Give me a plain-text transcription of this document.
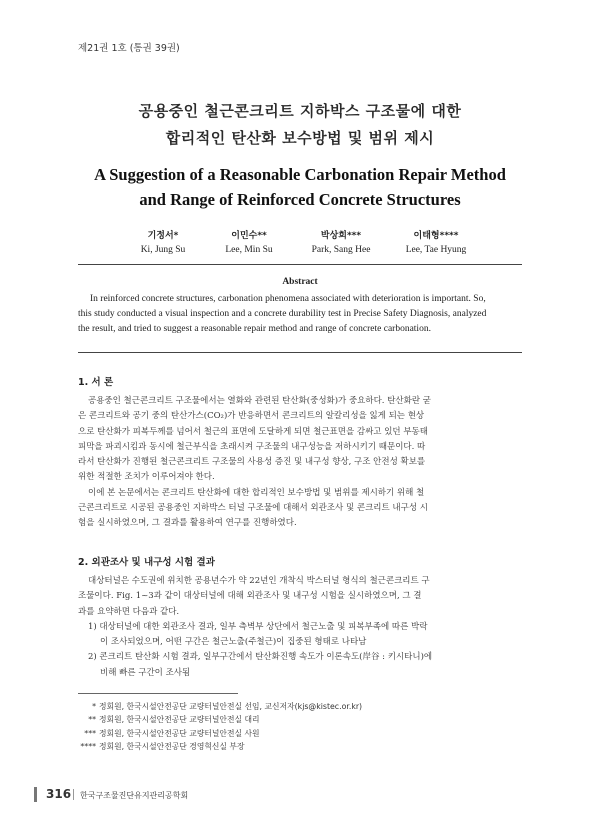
제21권 1호 (통권 39권)
공용중인 철근콘크리트 지하박스 구조물에 대한
합리적인 탄산화 보수방법 및 범위 제시
A Suggestion of a Reasonable Carbonation Repair Method
and Range of Reinforced Concrete Structures
기정서*
Ki, Jung Su
이민수**
Lee, Min Su
박상희***
Park, Sang Hee
이태형****
Lee, Tae Hyung
Abstract
In reinforced concrete structures, carbonation phenomena associated with deterioration is important. So,
this study conducted a visual inspection and a concrete durability test in Precise Safety Diagnosis, analyzed
the result, and tried to suggest a reasonable repair method and range of concrete carbonation.
1. 서 론
공용중인 철근콘크리트 구조물에서는 열화와 관련된 탄산화(중성화)가 중요하다. 탄산화란 굳
은 콘크리트와 공기 중의 탄산가스(CO₂)가 반응하면서 콘크리트의 알칼리성을 잃게 되는 현상
으로 탄산화가 피복두께를 넘어서 철근의 표면에 도달하게 되면 철근표면을 감싸고 있던 부동태
피막을 파괴시킴과 동시에 철근부식을 초래시켜 구조물의 내구성능을 저하시키기 때문이다. 따
라서 탄산화가 진행된 철근콘크리트 구조물의 사용성 증진 및 내구성 향상, 구조 안전성 확보를
위한 적절한 조치가 이루어져야 한다.
이에 본 논문에서는 콘크리트 탄산화에 대한 합리적인 보수방법 및 범위를 제시하기 위해 철
근콘크리트로 시공된 공용중인 지하박스 터널 구조물에 대해서 외관조사 및 콘크리트 내구성 시
험을 실시하였으며, 그 결과를 활용하여 연구를 진행하였다.
2. 외관조사 및 내구성 시험 결과
대상터널은 수도권에 위치한 공용년수가 약 22년인 개착식 박스터널 형식의 철근콘크리트 구
조물이다. Fig. 1~3과 같이 대상터널에 대해 외관조사 및 내구성 시험을 실시하였으며, 그 결
과를 요약하면 다음과 같다.
1) 대상터널에 대한 외관조사 결과, 일부 측벽부 상단에서 철근노출 및 피복부족에 따른 박락
이 조사되었으며, 어떤 구간은 철근노출(주철근)이 집중된 형태로 나타남
2) 콘크리트 탄산화 시험 결과, 일부구간에서 탄산화진행 속도가 이론속도(岸谷 : 키시타니)에
비해 빠른 구간이 조사됨
* 정회원, 한국시설안전공단 교량터널안전실 선임, 교신저자(kjs@kistec.or.kr)
** 정회원, 한국시설안전공단 교량터널안전실 대리
*** 정회원, 한국시설안전공단 교량터널안전실 사원
**** 정회원, 한국시설안전공단 경영혁신실 부장
316 한국구조물진단유지관리공학회
